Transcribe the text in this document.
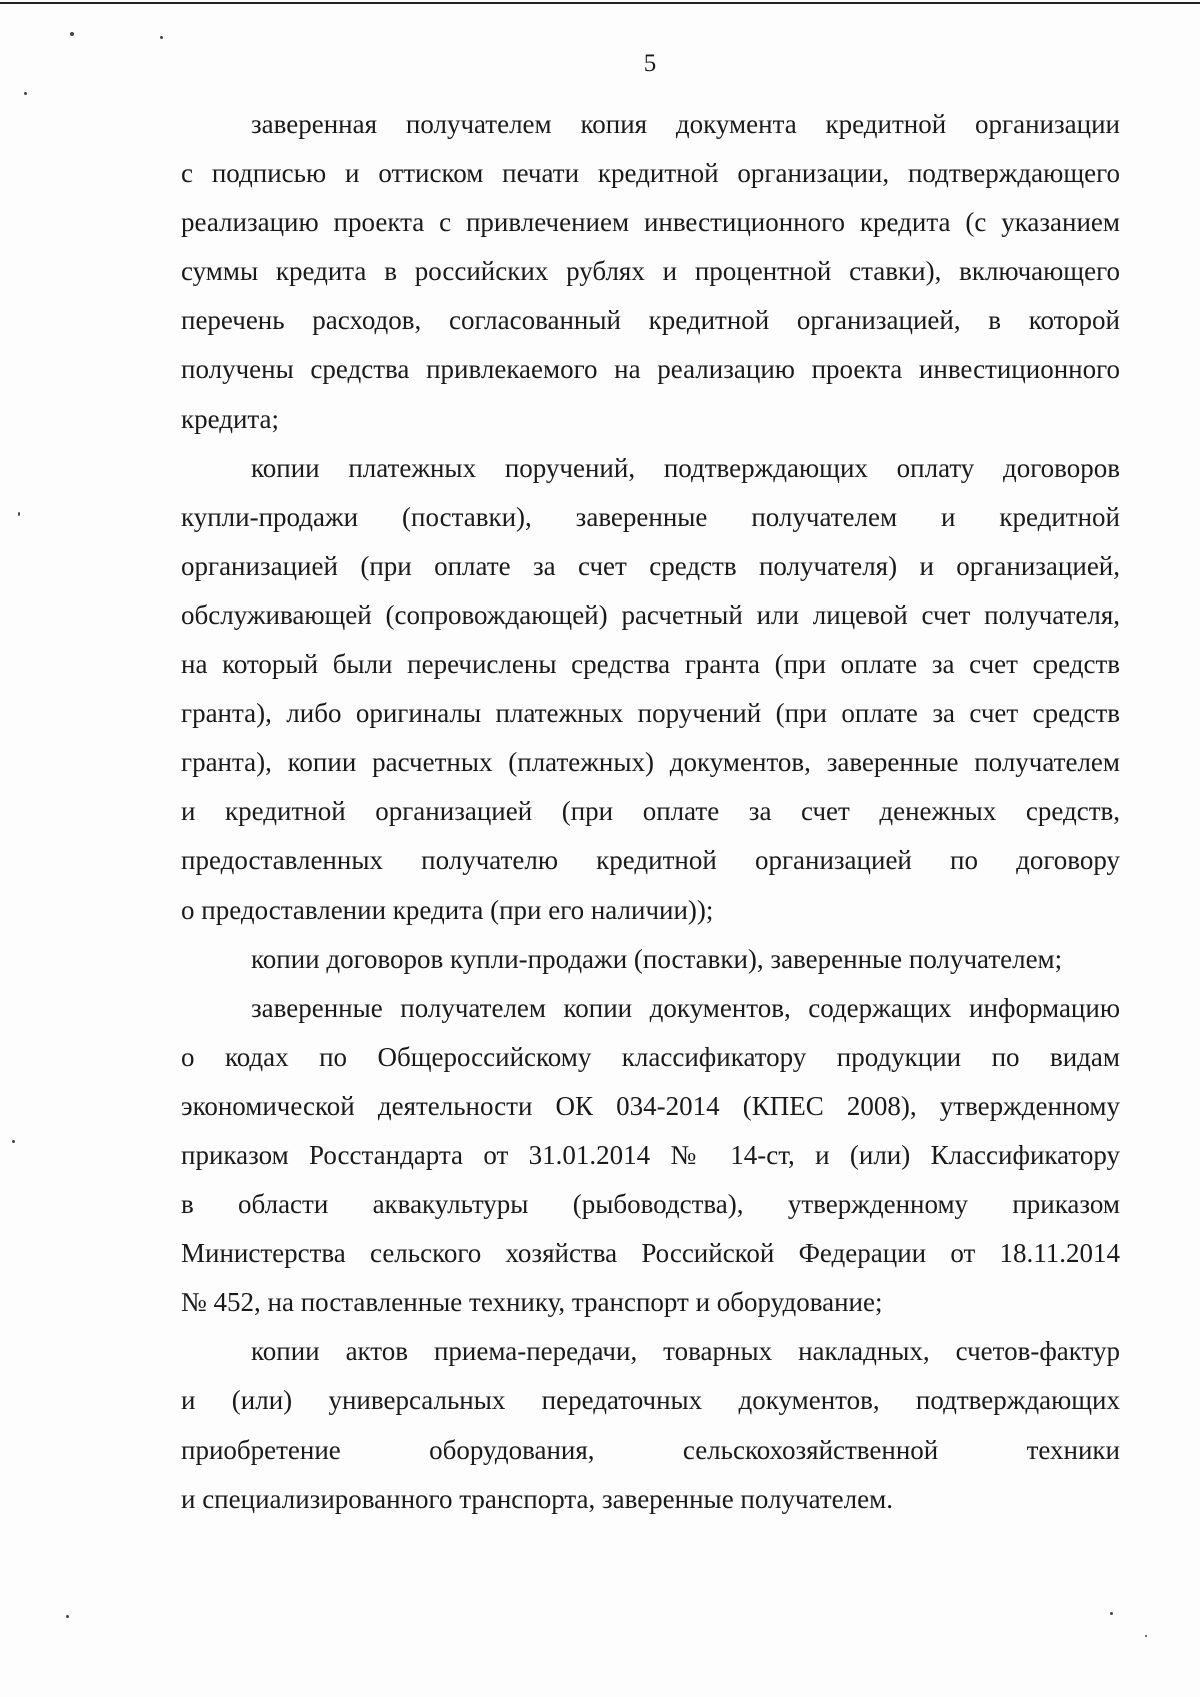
5
заверенная получателем копия документа кредитной организации
с подписью и оттиском печати кредитной организации, подтверждающего
реализацию проекта с привлечением инвестиционного кредита (с указанием
суммы кредита в российских рублях и процентной ставки), включающего
перечень расходов, согласованный кредитной организацией, в которой
получены средства привлекаемого на реализацию проекта инвестиционного
кредита;
копии платежных поручений, подтверждающих оплату договоров
купли-продажи (поставки), заверенные получателем и кредитной
организацией (при оплате за счет средств получателя) и организацией,
обслуживающей (сопровождающей) расчетный или лицевой счет получателя,
на который были перечислены средства гранта (при оплате за счет средств
гранта), либо оригиналы платежных поручений (при оплате за счет средств
гранта), копии расчетных (платежных) документов, заверенные получателем
и кредитной организацией (при оплате за счет денежных средств,
предоставленных получателю кредитной организацией по договору
о предоставлении кредита (при его наличии));
копии договоров купли-продажи (поставки), заверенные получателем;
заверенные получателем копии документов, содержащих информацию
о кодах по Общероссийскому классификатору продукции по видам
экономической деятельности ОК 034-2014 (КПЕС 2008), утвержденному
приказом Росстандарта от 31.01.2014 № 14-ст, и (или) Классификатору
в области аквакультуры (рыбоводства), утвержденному приказом
Министерства сельского хозяйства Российской Федерации от 18.11.2014
№ 452, на поставленные технику, транспорт и оборудование;
копии актов приема-передачи, товарных накладных, счетов-фактур
и (или) универсальных передаточных документов, подтверждающих
приобретение оборудования, сельскохозяйственной техники
и специализированного транспорта, заверенные получателем.
